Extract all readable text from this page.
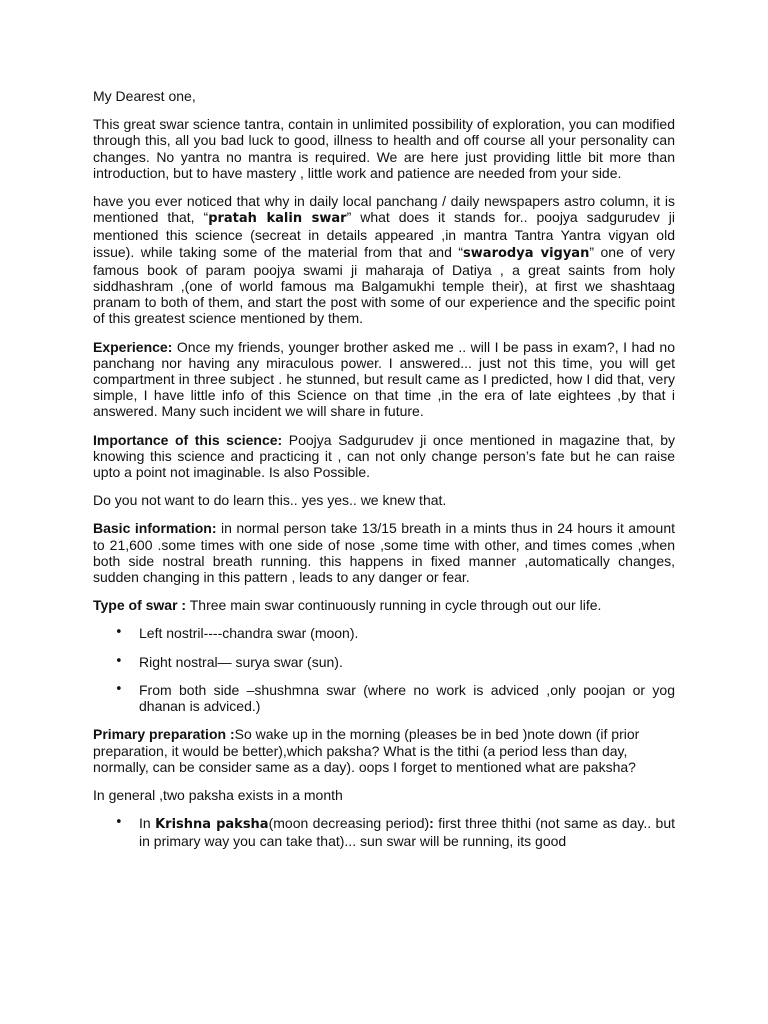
My Dearest one,

This great swar science tantra, contain in unlimited possibility of exploration, you can modified through this, all you bad luck to good, illness to health and off course all your personality can changes. No yantra no mantra is required. We are here just providing little bit more than introduction, but to have mastery , little work and patience are needed from your side.

have you ever noticed that why in daily local panchang / daily newspapers astro column, it is mentioned that, “pratah kalin swar” what does it stands for.. poojya sadgurudev ji mentioned this science (secreat in details appeared ,in mantra Tantra Yantra vigyan old issue). while taking some of the material from that and “swarodya vigyan” one of very famous book of param poojya swami ji maharaja of Datiya , a great saints from holy siddhashram ,(one of world famous ma Balgamukhi temple their), at first we shashtaag pranam to both of them, and start the post with some of our experience and the specific point of this greatest science mentioned by them.

Experience: Once my friends, younger brother asked me .. will I be pass in exam?, I had no panchang nor having any miraculous power. I answered... just not this time, you will get compartment in three subject . he stunned, but result came as I predicted, how I did that, very simple, I have little info of this Science on that time ,in the era of late eightees ,by that i answered. Many such incident we will share in future.

Importance of this science: Poojya Sadgurudev ji once mentioned in magazine that, by knowing this science and practicing it , can not only change person’s fate but he can raise upto a point not imaginable. Is also Possible.

Do you not want to do learn this.. yes yes.. we knew that.

Basic information: in normal person take 13/15 breath in a mints thus in 24 hours it amount to 21,600 .some times with one side of nose ,some time with other, and times comes ,when both side nostral breath running. this happens in fixed manner ,automatically changes, sudden changing in this pattern , leads to any danger or fear.

Type of swar : Three main swar continuously running in cycle through out our life.

• Left nostril----chandra swar (moon).
• Right nostral— surya swar (sun).
• From both side –shushmna swar (where no work is adviced ,only poojan or yog dhanan is adviced.)

Primary preparation :So wake up in the morning (pleases be in bed )note down (if prior preparation, it would be better),which paksha? What is the tithi (a period less than day, normally, can be consider same as a day). oops I forget to mentioned what are paksha?

In general ,two paksha exists in a month

• In Krishna paksha(moon decreasing period): first three thithi (not same as day.. but in primary way you can take that)... sun swar will be running, its good
